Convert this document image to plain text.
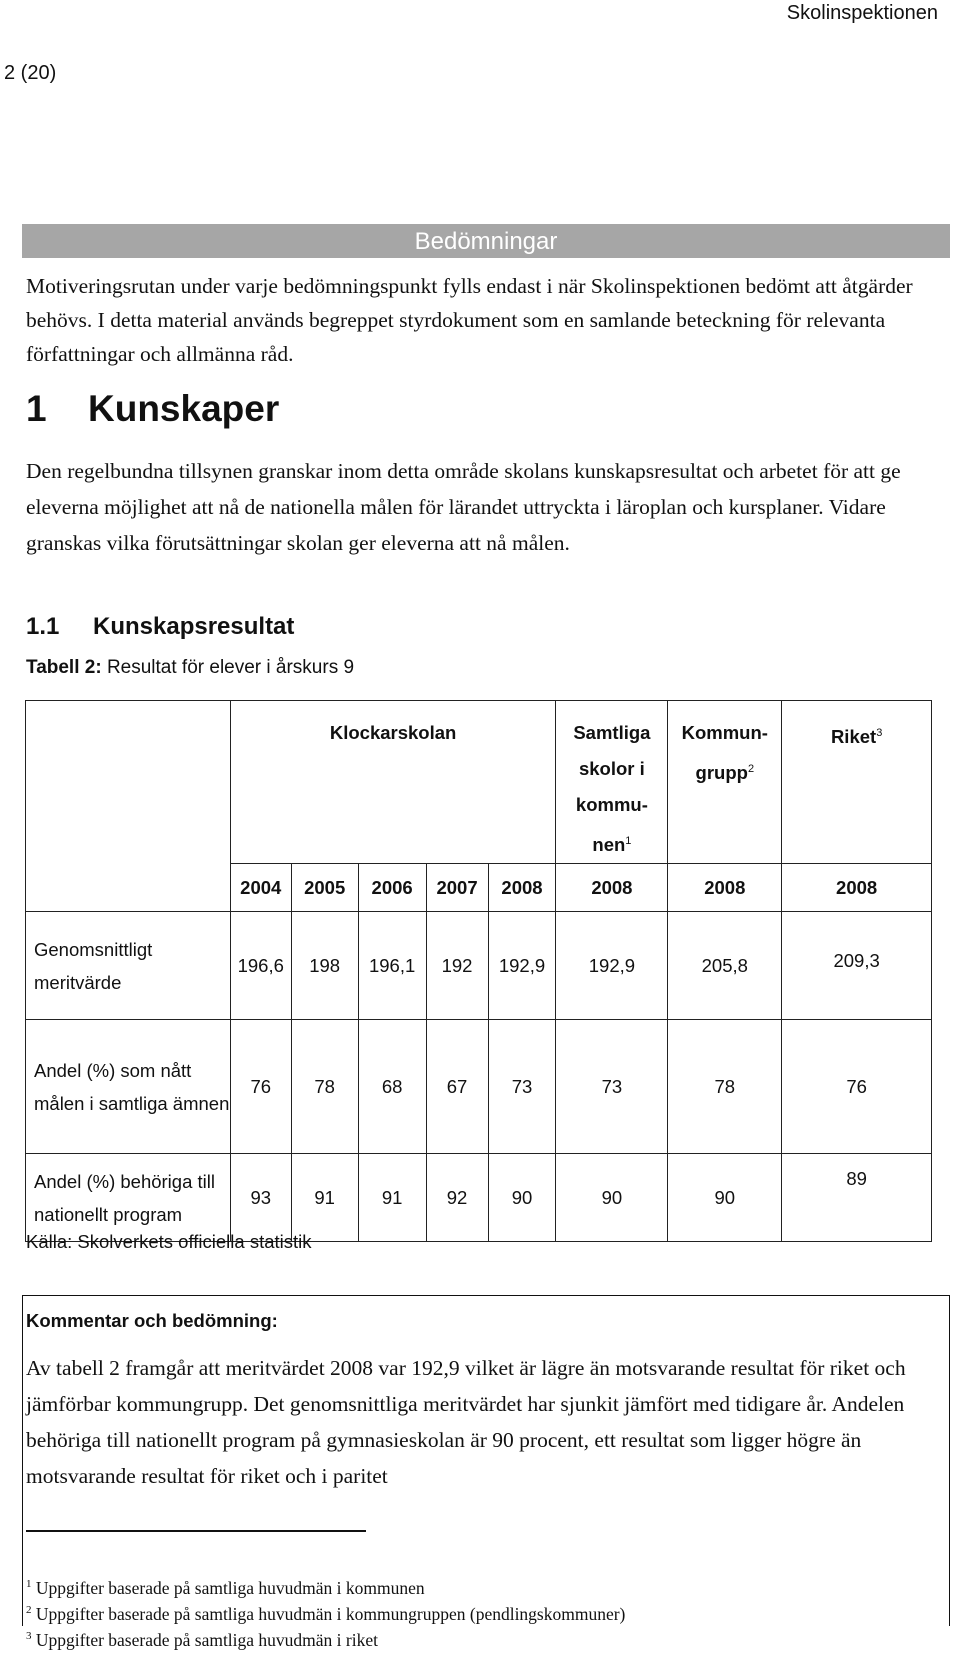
Skolinspektionen
2 (20)
Bedömningar
Motiveringsrutan under varje bedömningspunkt fylls endast i när Skolinspektionen bedömt att åtgärder behövs. I detta material används begreppet styrdokument som en samlande beteckning för relevanta författningar och allmänna råd.
1 Kunskaper
Den regelbundna tillsynen granskar inom detta område skolans kunskapsresultat och arbetet för att ge eleverna möjlighet att nå de nationella målen för lärandet uttryckta i läroplan och kursplaner. Vidare granskas vilka förutsättningar skolan ger eleverna att nå målen.
1.1 Kunskapsresultat
Tabell 2: Resultat för elever i årskurs 9
	Klockarskolan					Samtliga skolor i kommu-nen$^1$	Kommun-grupp$^2$	Riket$^3$
	2004	2005	2006	2007	2008	2008	2008	2008
Genomsnittligt meritvärde	196,6	198	196,1	192	192,9	192,9	205,8	209,3
Andel (%) som nått målen i samtliga ämnen	76	78	68	67	73	73	78	76
Andel (%) behöriga till nationellt program	93	91	91	92	90	90	90	89
Källa: Skolverkets officiella statistik
Kommentar och bedömning:
Av tabell 2 framgår att meritvärdet 2008 var 192,9 vilket är lägre än motsvarande resultat för riket och jämförbar kommungrupp. Det genomsnittliga meritvärdet har sjunkit jämfört med tidigare år. Andelen behöriga till nationellt program på gymnasieskolan är 90 procent, ett resultat som ligger högre än motsvarande resultat för riket och i paritet
$^1$ Uppgifter baserade på samtliga huvudmän i kommunen
$^2$ Uppgifter baserade på samtliga huvudmän i kommungruppen (pendlingskommuner)
$^3$ Uppgifter baserade på samtliga huvudmän i riket
